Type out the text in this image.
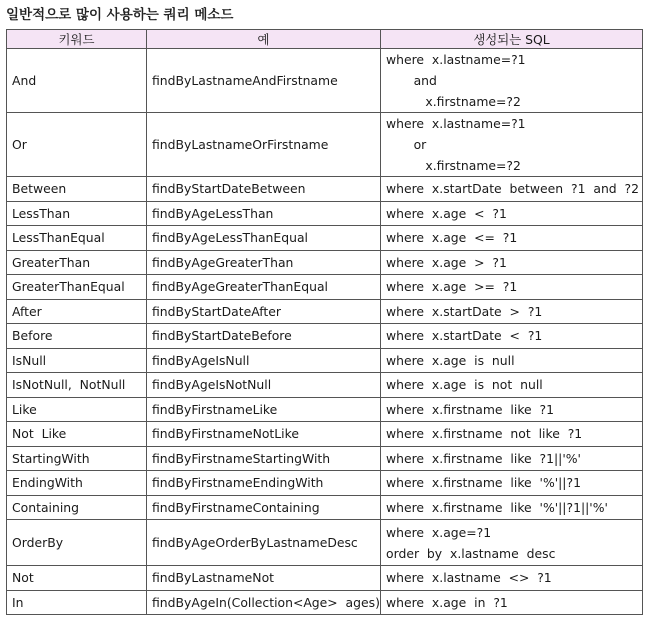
일반적으로 많이 사용하는 쿼리 메소드
키워드	예	생성되는 SQL
And	findByLastnameAndFirstname	where  x.lastname=?1
and
x.firstname=?2

Or	findByLastnameOrFirstname	where  x.lastname=?1
or
x.firstname=?2

Between	findByStartDateBetween	where  x.startDate  between  ?1  and  ?2

LessThan	findByAgeLessThan	where  x.age  <  ?1

LessThanEqual	findByAgeLessThanEqual	where  x.age  <=  ?1

GreaterThan	findByAgeGreaterThan	where  x.age  >  ?1

GreaterThanEqual	findByAgeGreaterThanEqual	where  x.age  >=  ?1

After	findByStartDateAfter	where  x.startDate  >  ?1

Before	findByStartDateBefore	where  x.startDate  <  ?1

IsNull	findByAgeIsNull	where  x.age  is  null

IsNotNull,  NotNull	findByAgeIsNotNull	where  x.age  is  not  null

Like	findByFirstnameLike	where  x.firstname  like  ?1

Not  Like	findByFirstnameNotLike	where  x.firstname  not  like  ?1

StartingWith	findByFirstnameStartingWith	where  x.firstname  like  ?1||'%'

EndingWith	findByFirstnameEndingWith	where  x.firstname  like  '%'||?1

Containing	findByFirstnameContaining	where  x.firstname  like  '%'||?1||'%'

OrderBy	findByAgeOrderByLastnameDesc	where  x.age=?1
order  by  x.lastname  desc

Not	findByLastnameNot	where  x.lastname  <>  ?1

In	findByAgeIn(Collection<Age>  ages)	where  x.age  in  ?1
